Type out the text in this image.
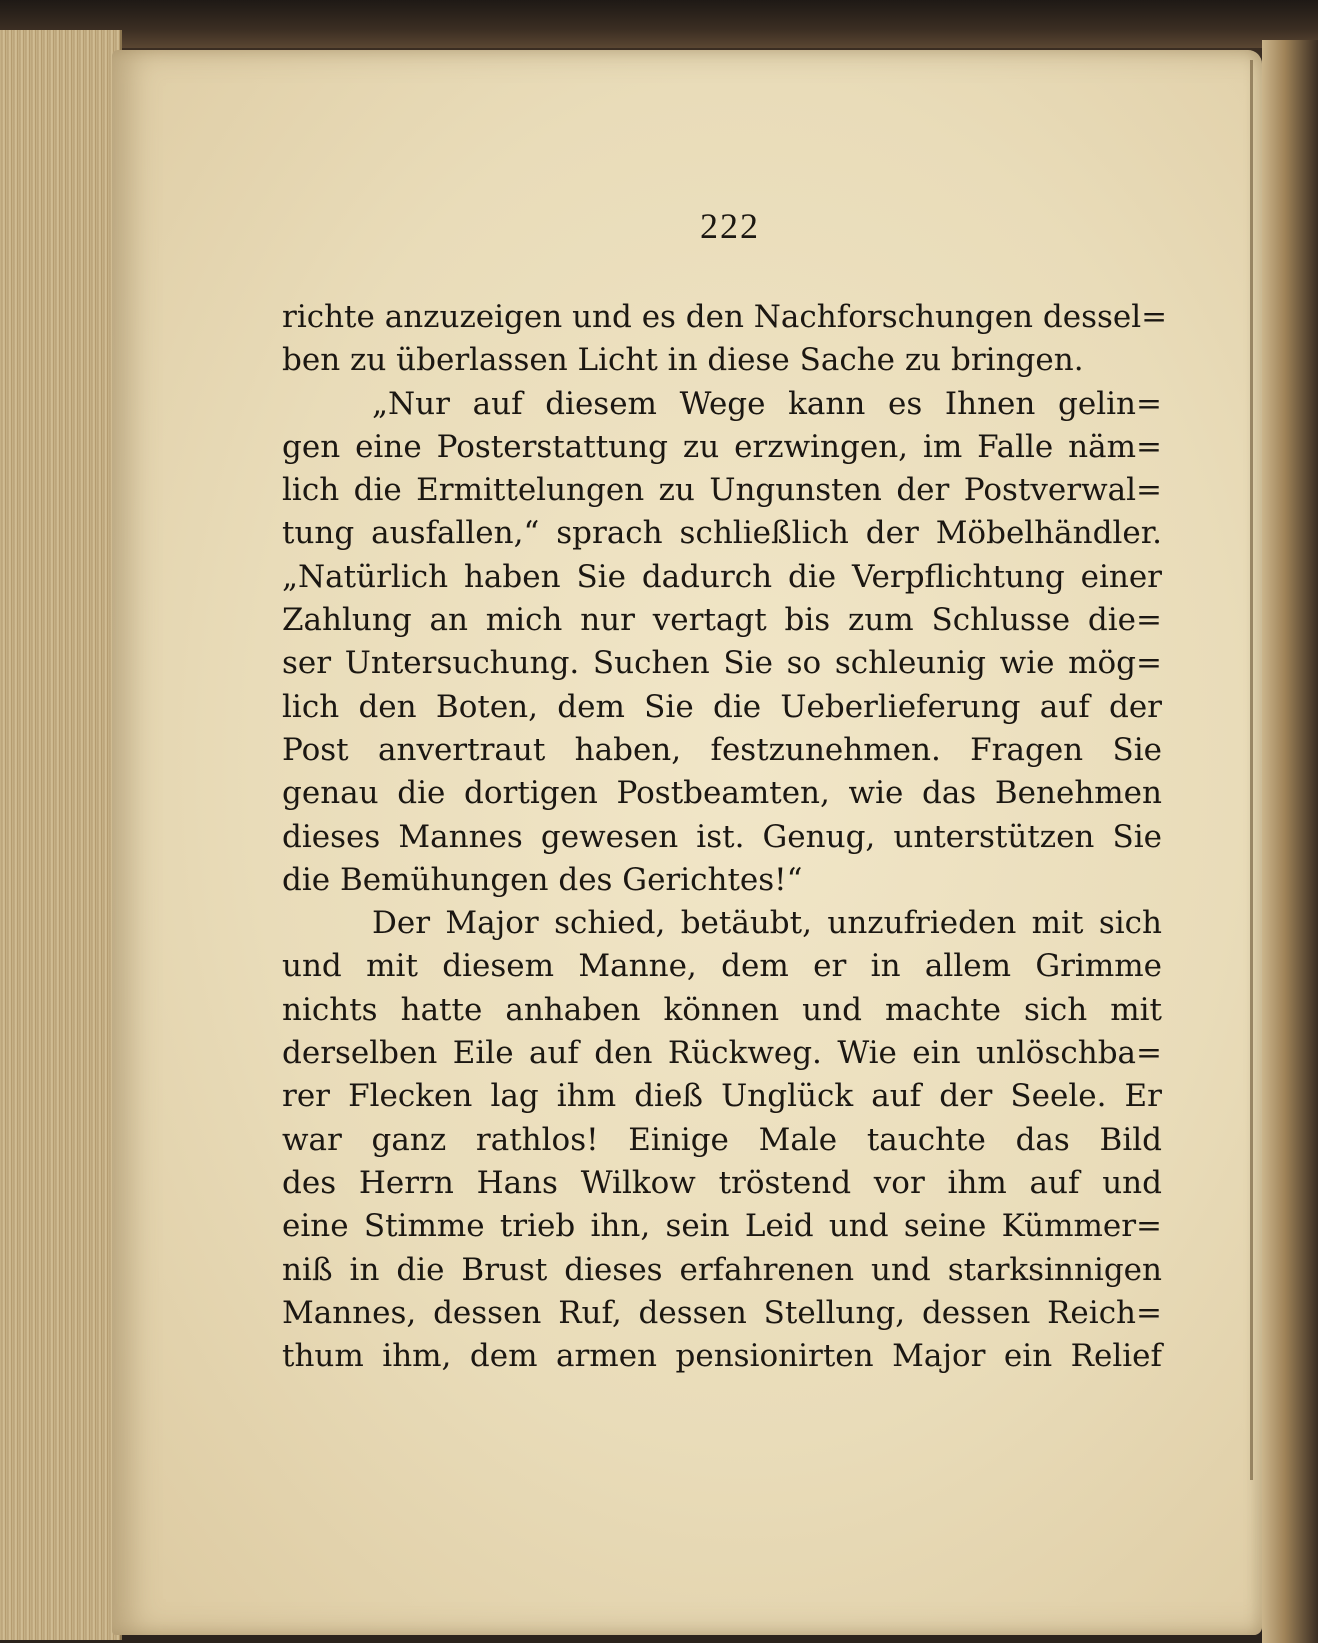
222
richte anzuzeigen und es den Nachforschungen dessel=
ben zu überlassen Licht in diese Sache zu bringen.
„Nur auf diesem Wege kann es Ihnen gelin=
gen eine Posterstattung zu erzwingen, im Falle näm=
lich die Ermittelungen zu Ungunsten der Postverwal=
tung ausfallen,“ sprach schließlich der Möbelhändler.
„Natürlich haben Sie dadurch die Verpflichtung einer
Zahlung an mich nur vertagt bis zum Schlusse die=
ser Untersuchung. Suchen Sie so schleunig wie mög=
lich den Boten, dem Sie die Ueberlieferung auf der
Post anvertraut haben, festzunehmen. Fragen Sie
genau die dortigen Postbeamten, wie das Benehmen
dieses Mannes gewesen ist. Genug, unterstützen Sie
die Bemühungen des Gerichtes!“
Der Major schied, betäubt, unzufrieden mit sich
und mit diesem Manne, dem er in allem Grimme
nichts hatte anhaben können und machte sich mit
derselben Eile auf den Rückweg. Wie ein unlöschba=
rer Flecken lag ihm dieß Unglück auf der Seele. Er
war ganz rathlos! Einige Male tauchte das Bild
des Herrn Hans Wilkow tröstend vor ihm auf und
eine Stimme trieb ihn, sein Leid und seine Kümmer=
niß in die Brust dieses erfahrenen und starksinnigen
Mannes, dessen Ruf, dessen Stellung, dessen Reich=
thum ihm, dem armen pensionirten Major ein Relief
